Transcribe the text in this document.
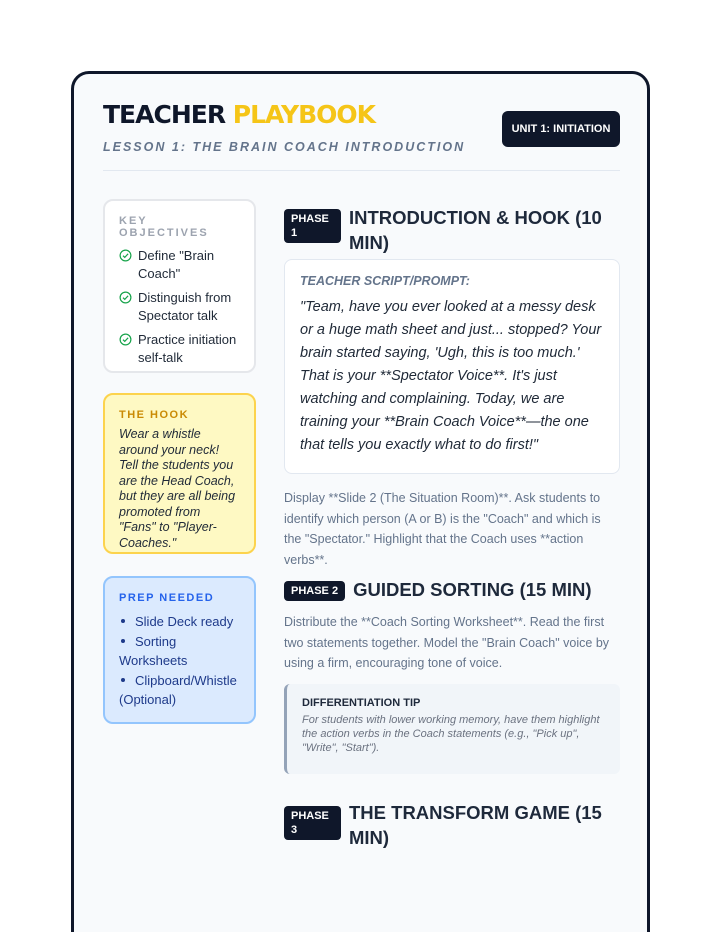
TEACHER PLAYBOOK
LESSON 1: THE BRAIN COACH INTRODUCTION
UNIT 1: INITIATION
KEY OBJECTIVES
Define "Brain Coach"
Distinguish from Spectator talk
Practice initiation self-talk
THE HOOK
Wear a whistle around your neck! Tell the students you are the Head Coach, but they are all being promoted from "Fans" to "Player-Coaches."
PREP NEEDED
Slide Deck ready
Sorting Worksheets
Clipboard/Whistle (Optional)
PHASE 1
INTRODUCTION & HOOK (10 MIN)
TEACHER SCRIPT/PROMPT:
"Team, have you ever looked at a messy desk or a huge math sheet and just... stopped? Your brain started saying, 'Ugh, this is too much.' That is your **Spectator Voice**. It's just watching and complaining. Today, we are training your **Brain Coach Voice**—the one that tells you exactly what to do first!"
Display **Slide 2 (The Situation Room)**. Ask students to identify which person (A or B) is the "Coach" and which is the "Spectator." Highlight that the Coach uses **action verbs**.
PHASE 2 GUIDED SORTING (15 MIN)
Distribute the **Coach Sorting Worksheet**. Read the first two statements together. Model the "Brain Coach" voice by using a firm, encouraging tone of voice.
DIFFERENTIATION TIP
For students with lower working memory, have them highlight the action verbs in the Coach statements (e.g., "Pick up", "Write", "Start").
PHASE 3
THE TRANSFORM GAME (15 MIN)
